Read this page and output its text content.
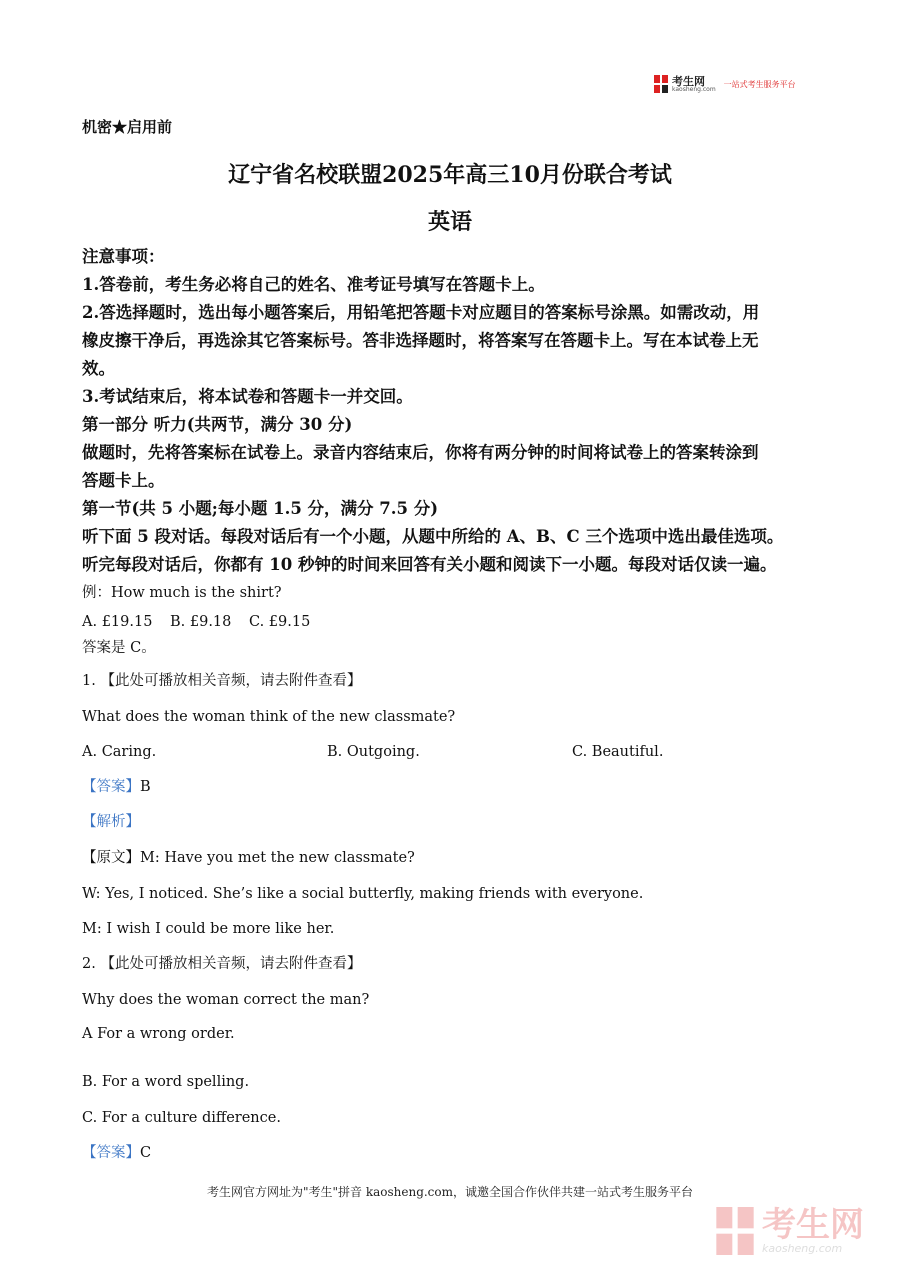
考生网
kaosheng.com
一站式考生服务平台
机密★启用前
辽宁省名校联盟2025年高三10月份联合考试
英语
注意事项：
1.答卷前，考生务必将自己的姓名、准考证号填写在答题卡上。
2.答选择题时，选出每小题答案后，用铅笔把答题卡对应题目的答案标号涂黑。如需改动，用
橡皮擦干净后，再选涂其它答案标号。答非选择题时，将答案写在答题卡上。写在本试卷上无
效。
3.考试结束后，将本试卷和答题卡一并交回。
第一部分 听力(共两节，满分 30 分)
做题时，先将答案标在试卷上。录音内容结束后，你将有两分钟的时间将试卷上的答案转涂到
答题卡上。
第一节(共 5 小题;每小题 1.5 分，满分 7.5 分)
听下面 5 段对话。每段对话后有一个小题，从题中所给的 A、B、C 三个选项中选出最佳选项。
听完每段对话后，你都有 10 秒钟的时间来回答有关小题和阅读下一小题。每段对话仅读一遍。
例：How much is the shirt?
A. £19.15 B. £9.18 C. £9.15
答案是 C。
1. 【此处可播放相关音频，请去附件查看】
What does the woman think of the new classmate?
A. Caring.	B. Outgoing.	C. Beautiful.
【答案】B
【解析】
【原文】M: Have you met the new classmate?
W: Yes, I noticed. She’s like a social butterfly, making friends with everyone.
M: I wish I could be more like her.
2. 【此处可播放相关音频，请去附件查看】
Why does the woman correct the man?
A For a wrong order.
B. For a word spelling.
C. For a culture difference.
【答案】C
考生网官方网址为"考生"拼音 kaosheng.com，诚邀全国合作伙伴共建一站式考生服务平台
考生网
kaosheng.com
